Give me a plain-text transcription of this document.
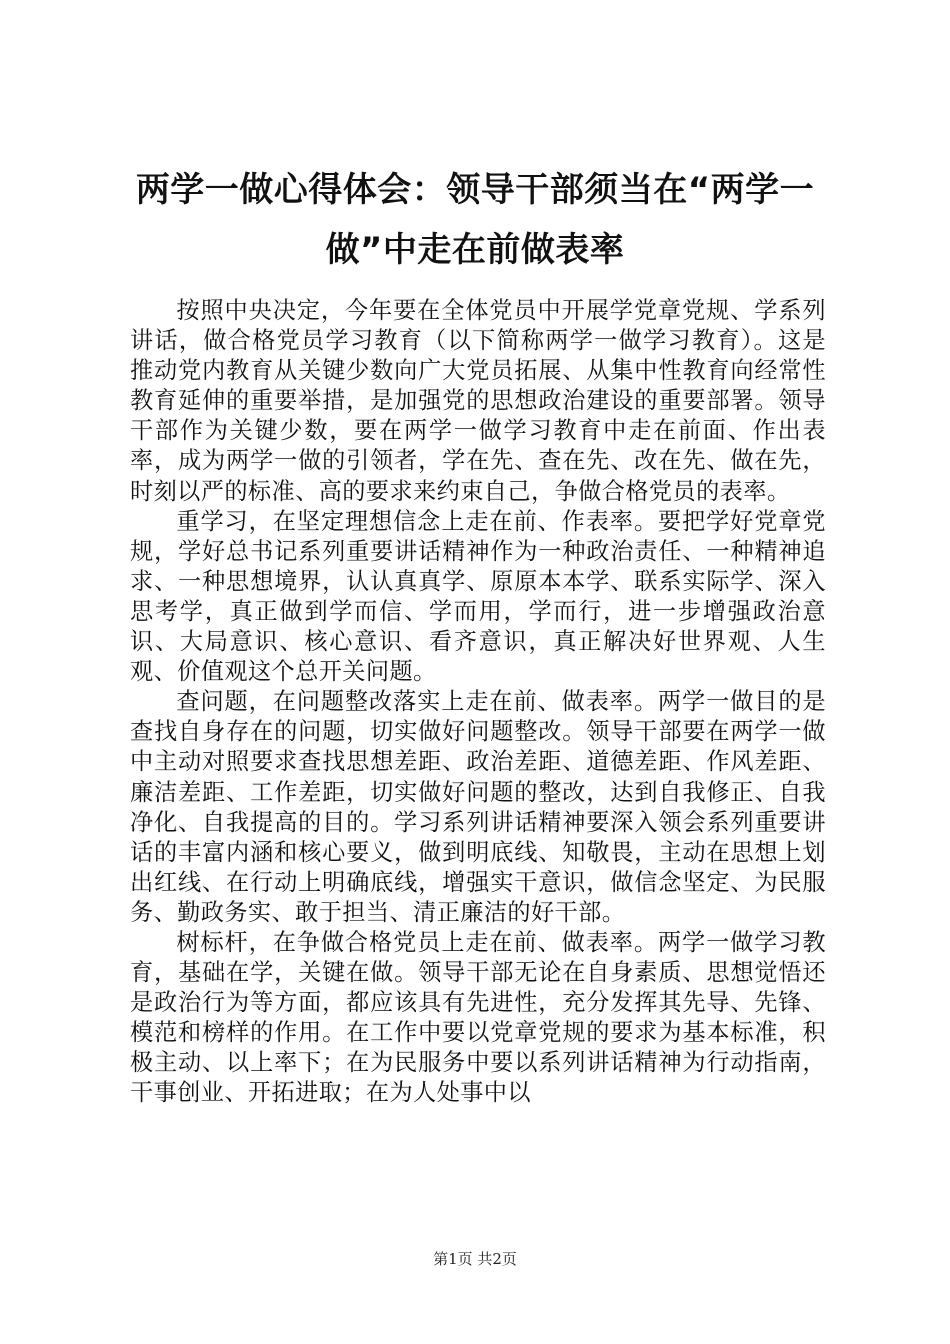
两学一做心得体会：领导干部须当在“两学一
做”中走在前做表率

按照中央决定，今年要在全体党员中开展学党章党规、学系列讲话，做合格党员学习教育（以下简称两学一做学习教育）。这是推动党内教育从关键少数向广大党员拓展、从集中性教育向经常性教育延伸的重要举措，是加强党的思想政治建设的重要部署。领导干部作为关键少数，要在两学一做学习教育中走在前面、作出表率，成为两学一做的引领者，学在先、查在先、改在先、做在先，时刻以严的标准、高的要求来约束自己，争做合格党员的表率。

重学习，在坚定理想信念上走在前、作表率。要把学好党章党规，学好总书记系列重要讲话精神作为一种政治责任、一种精神追求、一种思想境界，认认真真学、原原本本学、联系实际学、深入思考学，真正做到学而信、学而用，学而行，进一步增强政治意识、大局意识、核心意识、看齐意识，真正解决好世界观、人生观、价值观这个总开关问题。

查问题，在问题整改落实上走在前、做表率。两学一做目的是查找自身存在的问题，切实做好问题整改。领导干部要在两学一做中主动对照要求查找思想差距、政治差距、道德差距、作风差距、廉洁差距、工作差距，切实做好问题的整改，达到自我修正、自我净化、自我提高的目的。学习系列讲话精神要深入领会系列重要讲话的丰富内涵和核心要义，做到明底线、知敬畏，主动在思想上划出红线、在行动上明确底线，增强实干意识，做信念坚定、为民服务、勤政务实、敢于担当、清正廉洁的好干部。

树标杆，在争做合格党员上走在前、做表率。两学一做学习教育，基础在学，关键在做。领导干部无论在自身素质、思想觉悟还是政治行为等方面，都应该具有先进性，充分发挥其先导、先锋、模范和榜样的作用。在工作中要以党章党规的要求为基本标准，积极主动、以上率下；在为民服务中要以系列讲话精神为行动指南，干事创业、开拓进取；在为人处事中以

第1页 共2页
